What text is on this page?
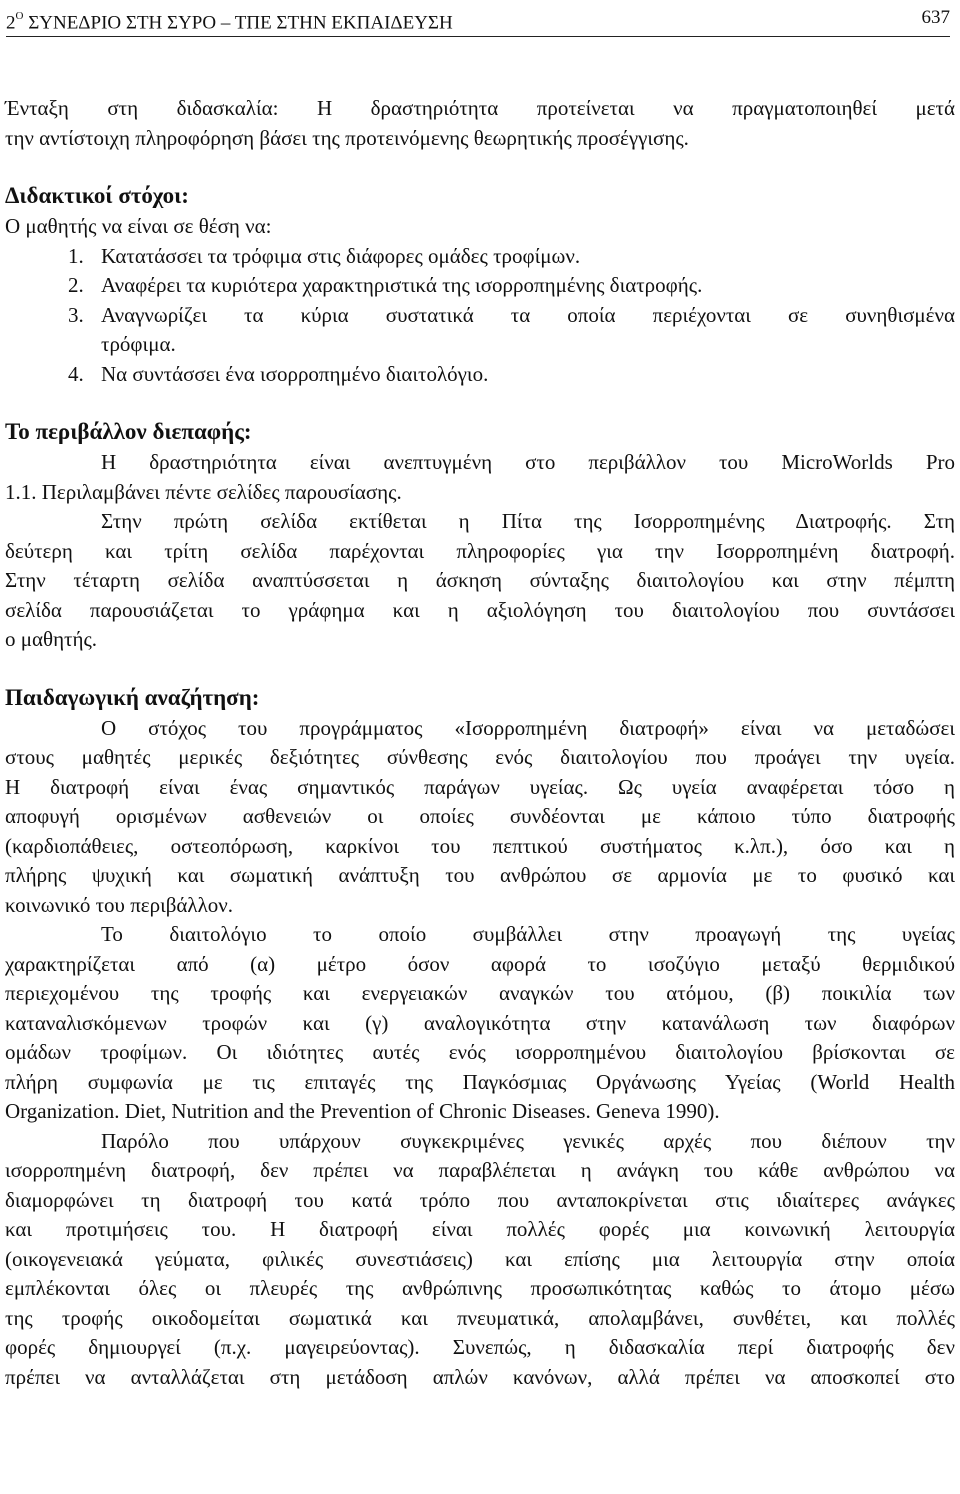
$2^O$ ΣΥΝΕΔΡΙΟ ΣΤΗ ΣΥΡΟ – ΤΠΕ ΣΤΗΝ ΕΚΠΑΙΔΕΥΣΗ	637

Ένταξη στη διδασκαλία: Η δραστηριότητα προτείνεται να πραγματοποιηθεί μετά

την αντίστοιχη πληροφόρηση βάσει της προτεινόμενης θεωρητικής προσέγγισης.

Διδακτικοί στόχοι:

Ο μαθητής να είναι σε θέση να:

1. Κατατάσσει τα τρόφιμα στις διάφορες ομάδες τροφίμων.
2. Αναφέρει τα κυριότερα χαρακτηριστικά της ισορροπημένης διατροφής.
3. Αναγνωρίζει τα κύρια συστατικά τα οποία περιέχονται σε συνηθισμένα

τρόφιμα.

4. Να συντάσσει ένα ισορροπημένο διαιτολόγιο.
Το περιβάλλον διεπαφής:

Η δραστηριότητα είναι ανεπτυγμένη στο περιβάλλον του MicroWorlds Pro

1.1. Περιλαμβάνει πέντε σελίδες παρουσίασης.

Στην πρώτη σελίδα εκτίθεται η Πίτα της Ισορροπημένης Διατροφής. Στη

δεύτερη και τρίτη σελίδα παρέχονται πληροφορίες για την Ισορροπημένη διατροφή.

Στην τέταρτη σελίδα αναπτύσσεται η άσκηση σύνταξης διαιτολογίου και στην πέμπτη

σελίδα παρουσιάζεται το γράφημα και η αξιολόγηση του διαιτολογίου που συντάσσει

ο μαθητής.

Παιδαγωγική αναζήτηση:

Ο στόχος του προγράμματος «Ισορροπημένη διατροφή» είναι να μεταδώσει

στους μαθητές μερικές δεξιότητες σύνθεσης ενός διαιτολογίου που προάγει την υγεία.

Η διατροφή είναι ένας σημαντικός παράγων υγείας. Ως υγεία αναφέρεται τόσο η

αποφυγή ορισμένων ασθενειών οι οποίες συνδέονται με κάποιο τύπο διατροφής

(καρδιοπάθειες, οστεοπόρωση, καρκίνοι του πεπτικού συστήματος κ.λπ.), όσο και η

πλήρης ψυχική και σωματική ανάπτυξη του ανθρώπου σε αρμονία με το φυσικό και

κοινωνικό του περιβάλλον.

Το διαιτολόγιο το οποίο συμβάλλει στην προαγωγή της υγείας

χαρακτηρίζεται από (α) μέτρο όσον αφορά το ισοζύγιο μεταξύ θερμιδικού

περιεχομένου της τροφής και ενεργειακών αναγκών του ατόμου, (β) ποικιλία των

καταναλισκόμενων τροφών και (γ) αναλογικότητα στην κατανάλωση των διαφόρων

ομάδων τροφίμων. Οι ιδιότητες αυτές ενός ισορροπημένου διαιτολογίου βρίσκονται σε

πλήρη συμφωνία με τις επιταγές της Παγκόσμιας Οργάνωσης Υγείας (World Health

Organization. Diet, Nutrition and the Prevention of Chronic Diseases. Geneva 1990).

Παρόλο που υπάρχουν συγκεκριμένες γενικές αρχές που διέπουν την

ισορροπημένη διατροφή, δεν πρέπει να παραβλέπεται η ανάγκη του κάθε ανθρώπου να

διαμορφώνει τη διατροφή του κατά τρόπο που ανταποκρίνεται στις ιδιαίτερες ανάγκες

και προτιμήσεις του. Η διατροφή είναι πολλές φορές μια κοινωνική λειτουργία

(οικογενειακά γεύματα, φιλικές συνεστιάσεις) και επίσης μια λειτουργία στην οποία

εμπλέκονται όλες οι πλευρές της ανθρώπινης προσωπικότητας καθώς το άτομο μέσω

της τροφής οικοδομείται σωματικά και πνευματικά, απολαμβάνει, συνθέτει, και πολλές

φορές δημιουργεί (π.χ. μαγειρεύοντας). Συνεπώς, η διδασκαλία περί διατροφής δεν

πρέπει να ανταλλάζεται στη μετάδοση απλών κανόνων, αλλά πρέπει να αποσκοπεί στο
